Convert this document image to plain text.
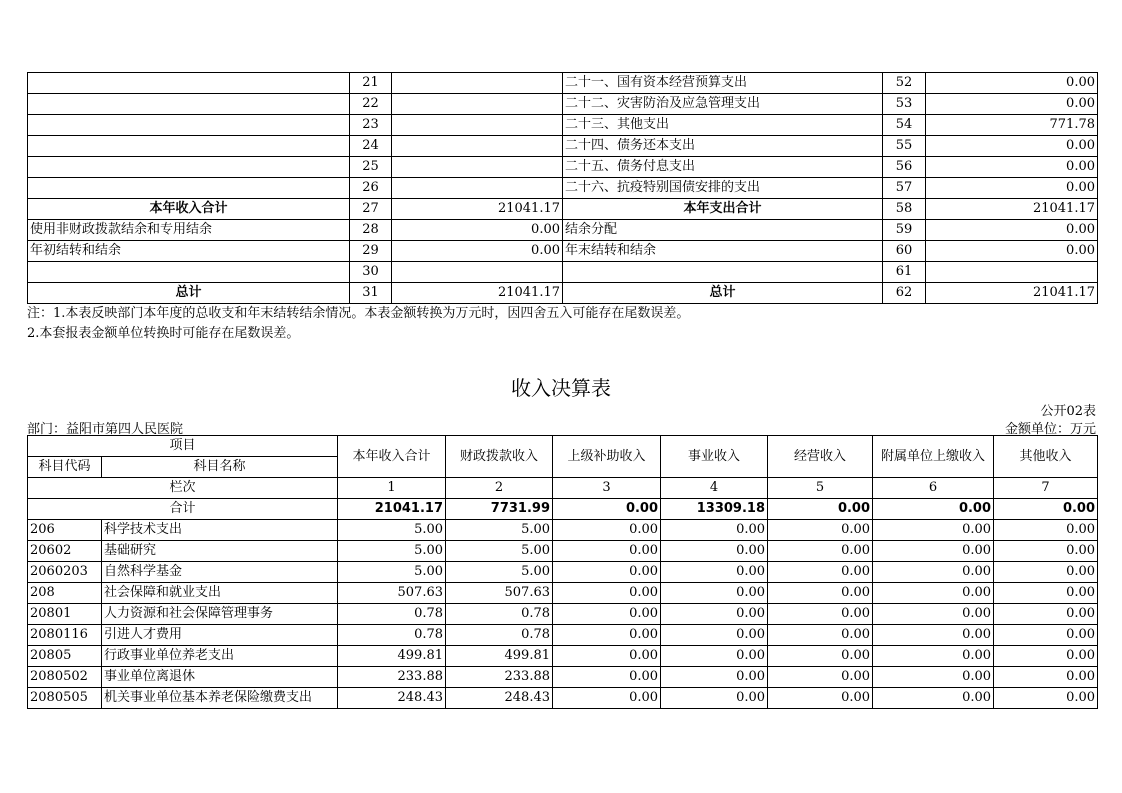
	21		二十一、国有资本经营预算支出	52	0.00
	22		二十二、灾害防治及应急管理支出	53	0.00
	23		二十三、其他支出	54	771.78
	24		二十四、债务还本支出	55	0.00
	25		二十五、债务付息支出	56	0.00
	26		二十六、抗疫特别国债安排的支出	57	0.00
本年收入合计	27	21041.17	本年支出合计	58	21041.17
使用非财政拨款结余和专用结余	28	0.00	结余分配	59	0.00
年初结转和结余	29	0.00	年末结转和结余	60	0.00
	30			61	
总计	31	21041.17	总计	62	21041.17
注：1.本表反映部门本年度的总收支和年末结转结余情况。本表金额转换为万元时，因四舍五入可能存在尾数误差。
2.本套报表金额单位转换时可能存在尾数误差。
收入决算表
公开02表
部门：益阳市第四人民医院	金额单位：万元
项目		本年收入合计	财政拨款收入	上级补助收入	事业收入	经营收入	附属单位上缴收入	其他收入
科目代码	科目名称							
栏次		1	2	3	4	5	6	7
合计		21041.17	7731.99	0.00	13309.18	0.00	0.00	0.00
206	科学技术支出	5.00	5.00	0.00	0.00	0.00	0.00	0.00
20602	基础研究	5.00	5.00	0.00	0.00	0.00	0.00	0.00
2060203	自然科学基金	5.00	5.00	0.00	0.00	0.00	0.00	0.00
208	社会保障和就业支出	507.63	507.63	0.00	0.00	0.00	0.00	0.00
20801	人力资源和社会保障管理事务	0.78	0.78	0.00	0.00	0.00	0.00	0.00
2080116	引进人才费用	0.78	0.78	0.00	0.00	0.00	0.00	0.00
20805	行政事业单位养老支出	499.81	499.81	0.00	0.00	0.00	0.00	0.00
2080502	事业单位离退休	233.88	233.88	0.00	0.00	0.00	0.00	0.00
2080505	机关事业单位基本养老保险缴费支出	248.43	248.43	0.00	0.00	0.00	0.00	0.00
